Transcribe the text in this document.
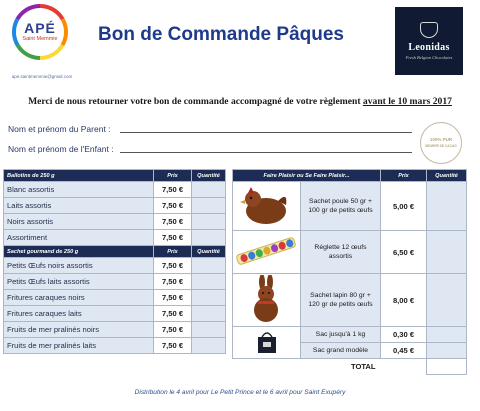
APÉ
Saint Memmie
ape.saintmemmie@gmail.com
Bon de Commande Pâques
Leonidas
Fresh Belgian Chocolates
Merci de nous retourner votre bon de commande accompagné de votre règlement avant le 10 mars 2017
Nom et prénom du Parent :
Nom et prénom de l'Enfant :
100% PUR
BEURRE DE CACAO
Ballotins de 250 g	Prix	Quantité
Blanc assortis	7,50 €	
Laits assortis	7,50 €	
Noirs assortis	7,50 €	
Assortiment	7,50 €	
Sachet gourmand de 250 g	Prix	Quantité
Petits Œufs noirs assortis	7,50 €	
Petits Œufs laits assortis	7,50 €	
Fritures caraques noirs	7,50 €	
Fritures caraques laits	7,50 €	
Fruits de mer pralinés noirs	7,50 €	
Fruits de mer pralinés laits	7,50 €	
Faire Plaisir ou Se Faire Plaisir...		Prix	Quantité
	Sachet poule 50 gr + 100 gr de petits œufs	5,00 €	
	Réglette 12 œufs assortis	6,50 €	
	Sachet lapin 80 gr + 120 gr de petits œufs	8,00 €	
	Sac jusqu'à 1 kg	0,30 €	
	Sac grand modèle	0,45 €	
	TOTAL		
Distribution le 4 avril pour Le Petit Prince et le 6 avril pour Saint Exupéry
